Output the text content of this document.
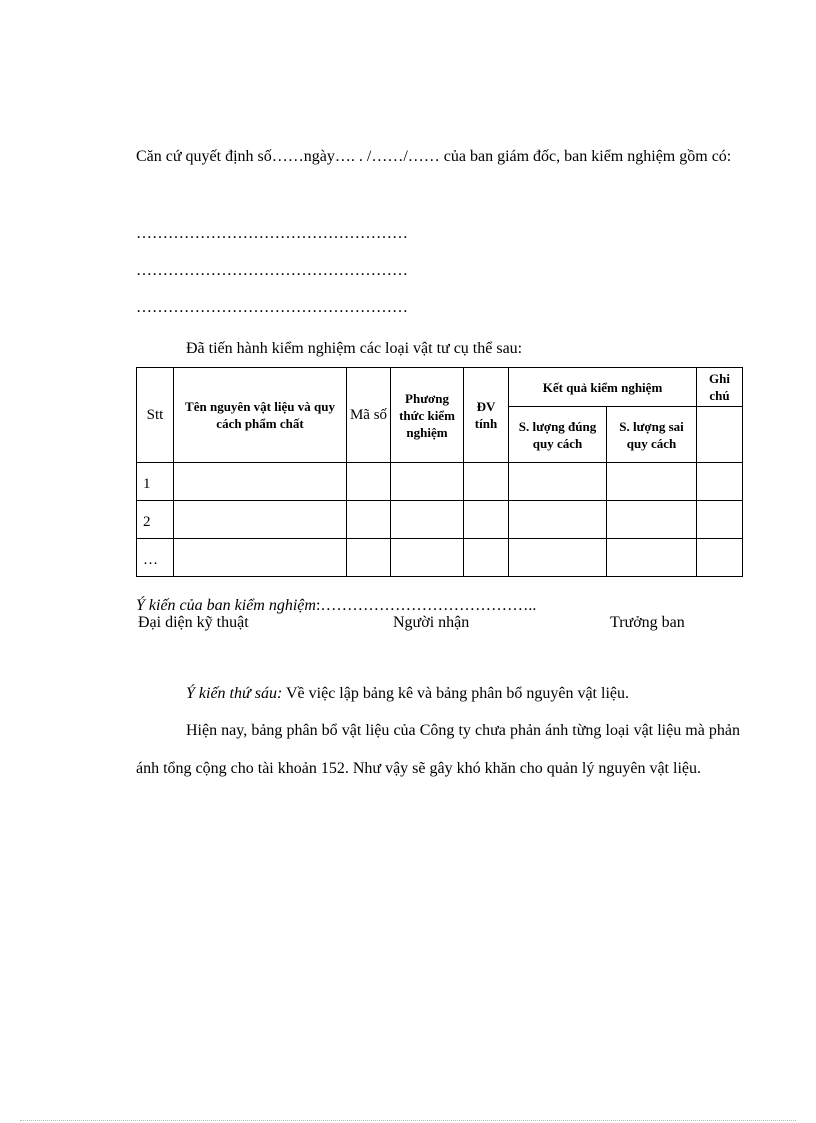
Căn cứ quyết định số……ngày…. . /……/…… của ban giám đốc, ban kiểm nghiệm gồm có:

……………………………………………

……………………………………………

……………………………………………

Đã tiến hành kiểm nghiệm các loại vật tư cụ thể sau:

Stt	Tên nguyên vật liệu và quy cách phẩm chất	Mã số	Phương thức kiểm nghiệm	ĐV tính	Kết quả kiểm nghiệm		Ghi chú
					S. lượng đúng quy cách	S. lượng sai quy cách	
1							
2							
…							

Ý kiến của ban kiểm nghiệm:…………………………………..

Đại diện kỹ thuật	Người nhận	Trưởng ban

Ý kiến thứ sáu: Về việc lập bảng kê và bảng phân bổ nguyên vật liệu.

Hiện nay, bảng phân bổ vật liệu của Công ty chưa phản ánh từng loại vật liệu mà phản ánh tổng cộng cho tài khoản 152. Như vậy sẽ gây khó khăn cho quản lý nguyên vật liệu.
